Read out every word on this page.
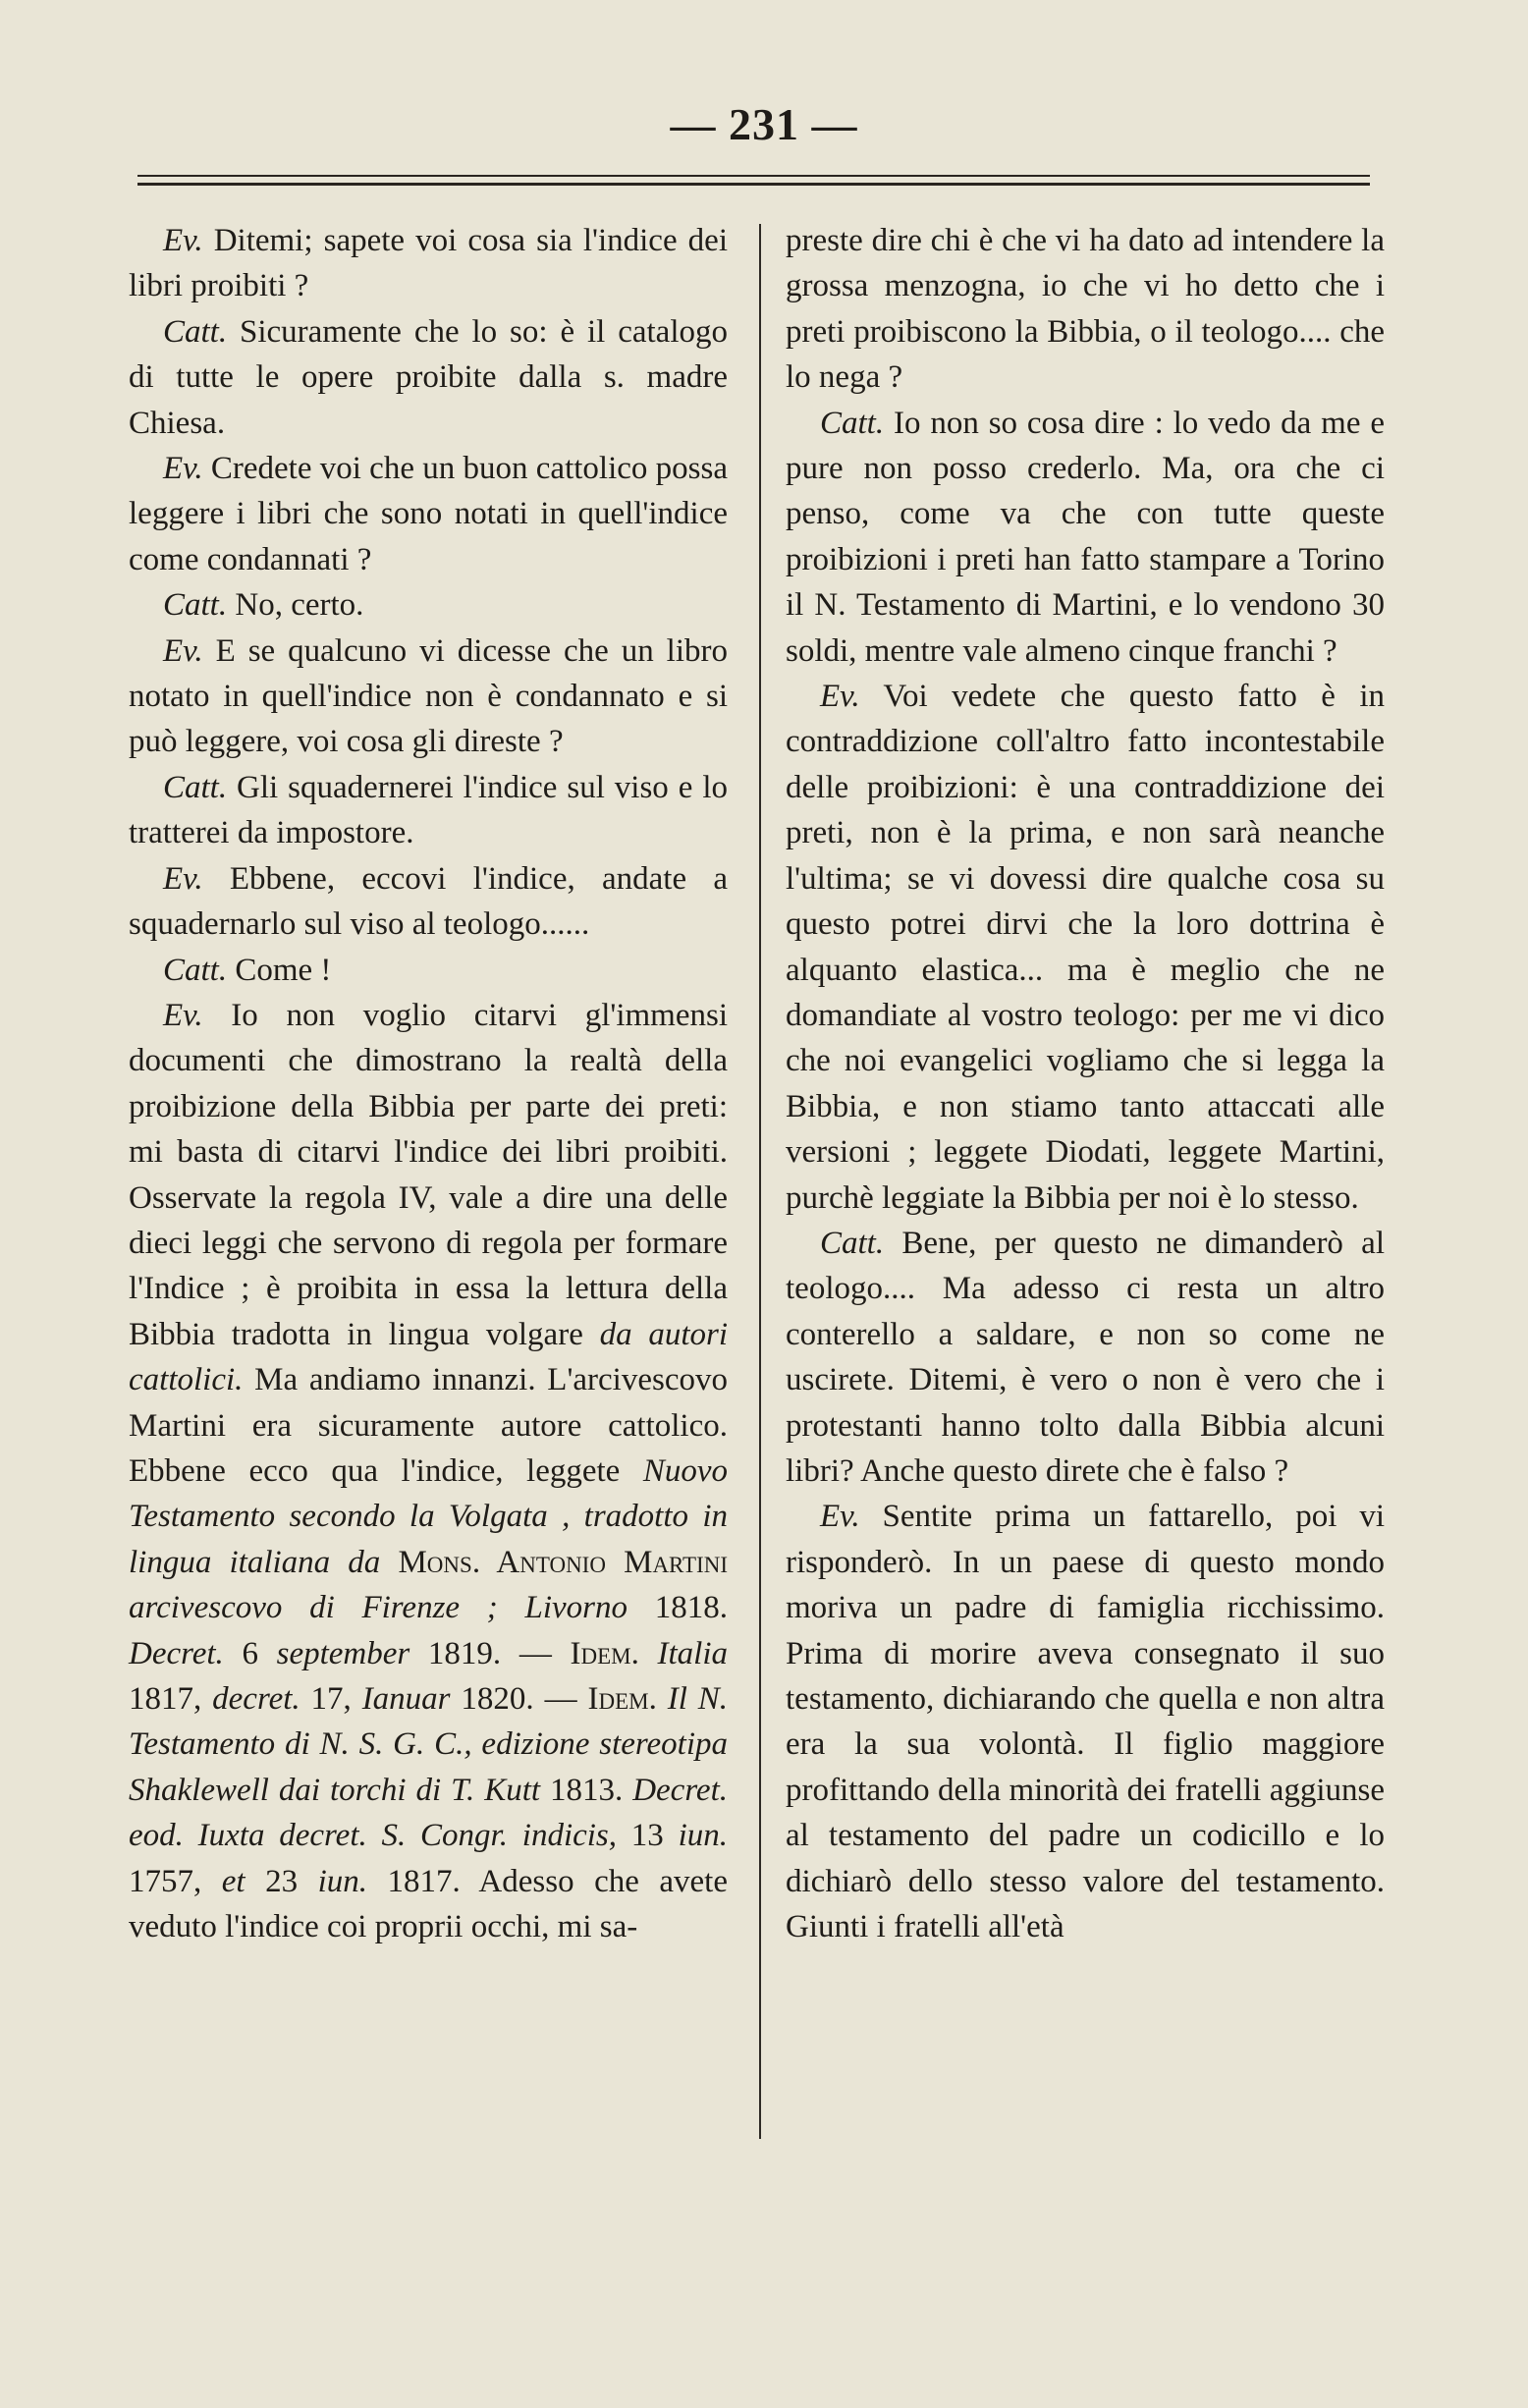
— 231 —

Ev. Ditemi; sapete voi cosa sia l'indice dei libri proibiti ?

Catt. Sicuramente che lo so: è il catalogo di tutte le opere proibite dalla s. madre Chiesa.

Ev. Credete voi che un buon cattolico possa leggere i libri che sono notati in quell'indice come condannati ?

Catt. No, certo.

Ev. E se qualcuno vi dicesse che un libro notato in quell'indice non è condannato e si può leggere, voi cosa gli direste ?

Catt. Gli squadernerei l'indice sul viso e lo tratterei da impostore.

Ev. Ebbene, eccovi l'indice, andate a squadernarlo sul viso al teologo......

Catt. Come !

Ev. Io non voglio citarvi gl'immensi documenti che dimostrano la realtà della proibizione della Bibbia per parte dei preti: mi basta di citarvi l'indice dei libri proibiti. Osservate la regola IV, vale a dire una delle dieci leggi che servono di regola per formare l'Indice ; è proibita in essa la lettura della Bibbia tradotta in lingua volgare da autori cattolici. Ma andiamo innanzi. L'arcivescovo Martini era sicuramente autore cattolico. Ebbene ecco qua l'indice, leggete Nuovo Testamento secondo la Volgata , tradotto in lingua italiana da Mons. Antonio Martini arcivescovo di Firenze ; Livorno 1818. Decret. 6 september 1819. — Idem. Italia 1817, decret. 17, Ianuar 1820. — Idem. Il N. Testamento di N. S. G. C., edizione stereotipa Shaklewell dai torchi di T. Kutt 1813. Decret. eod. Iuxta decret. S. Congr. indicis, 13 iun. 1757, et 23 iun. 1817. Adesso che avete veduto l'indice coi proprii occhi, mi sa-

preste dire chi è che vi ha dato ad intendere la grossa menzogna, io che vi ho detto che i preti proibiscono la Bibbia, o il teologo.... che lo nega ?

Catt. Io non so cosa dire : lo vedo da me e pure non posso crederlo. Ma, ora che ci penso, come va che con tutte queste proibizioni i preti han fatto stampare a Torino il N. Testamento di Martini, e lo vendono 30 soldi, mentre vale almeno cinque franchi ?

Ev. Voi vedete che questo fatto è in contraddizione coll'altro fatto incontestabile delle proibizioni: è una contraddizione dei preti, non è la prima, e non sarà neanche l'ultima; se vi dovessi dire qualche cosa su questo potrei dirvi che la loro dottrina è alquanto elastica... ma è meglio che ne domandiate al vostro teologo: per me vi dico che noi evangelici vogliamo che si legga la Bibbia, e non stiamo tanto attaccati alle versioni ; leggete Diodati, leggete Martini, purchè leggiate la Bibbia per noi è lo stesso.

Catt. Bene, per questo ne dimanderò al teologo.... Ma adesso ci resta un altro conterello a saldare, e non so come ne uscirete. Ditemi, è vero o non è vero che i protestanti hanno tolto dalla Bibbia alcuni libri? Anche questo direte che è falso ?

Ev. Sentite prima un fattarello, poi vi risponderò. In un paese di questo mondo moriva un padre di famiglia ricchissimo. Prima di morire aveva consegnato il suo testamento, dichiarando che quella e non altra era la sua volontà. Il figlio maggiore profittando della minorità dei fratelli aggiunse al testamento del padre un codicillo e lo dichiarò dello stesso valore del testamento. Giunti i fratelli all'età
